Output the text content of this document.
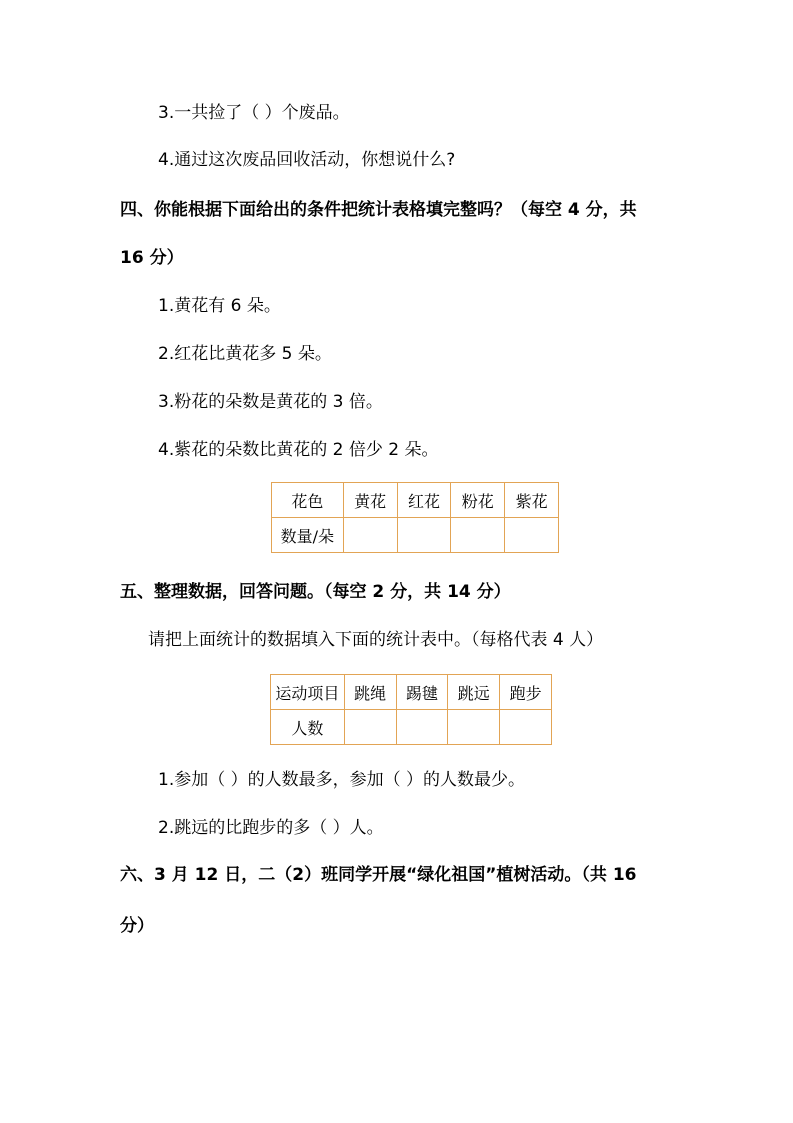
3.一共捡了（ ）个废品。
4.通过这次废品回收活动，你想说什么?
四、你能根据下面给出的条件把统计表格填完整吗？（每空 4 分，共
16 分）
1.黄花有 6 朵。
2.红花比黄花多 5 朵。
3.粉花的朵数是黄花的 3 倍。
4.紫花的朵数比黄花的 2 倍少 2 朵。
花色	黄花	红花	粉花	紫花
数量/朵				
五、整理数据，回答问题。（每空 2 分，共 14 分）
请把上面统计的数据填入下面的统计表中。（每格代表 4 人）
运动项目	跳绳	踢毽	跳远	跑步
人数				
1.参加（ ）的人数最多，参加（ ）的人数最少。
2.跳远的比跑步的多（ ）人。
六、3 月 12 日，二（2）班同学开展“绿化祖国”植树活动。（共 16
分）
